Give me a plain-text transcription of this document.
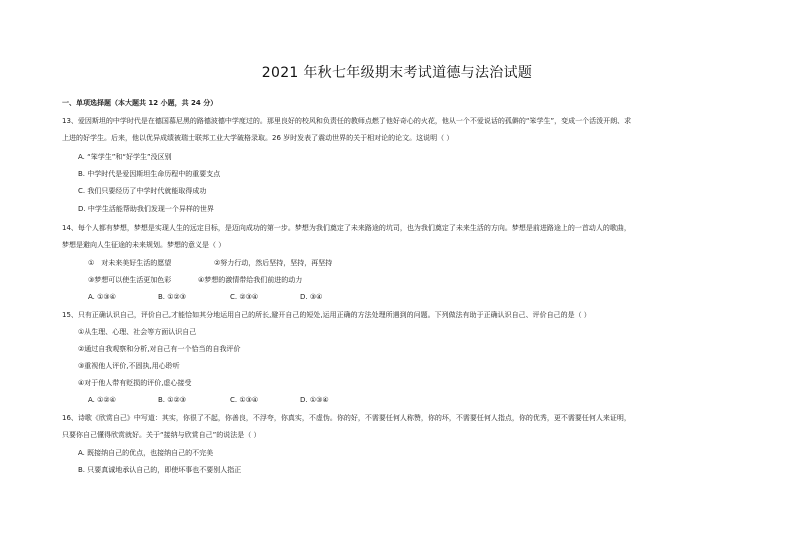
2021 年秋七年级期末考试道德与法治试题
一、单项选择题（本大题共 12 小题，共 24 分）
13、爱因斯坦的中学时代是在德国慕尼黑的路德波德中学度过的。那里良好的校风和负责任的教师点燃了他好奇心的火花，他从一个不爱说话的孤僻的“笨学生”，变成一个活泼开朗、求
上进的好学生。后来，他以优异成绩被瑞士联邦工业大学破格录取。26 岁时发表了震动世界的关于相对论的论文。这说明（ ）
A. “笨学生”和“好学生”没区别
B. 中学时代是爱因斯坦生命历程中的重要支点
C. 我们只要经历了中学时代就能取得成功
D. 中学生活能帮助我们发现一个异样的世界
14、每个人都有梦想，梦想是实现人生的远定目标，是迈向成功的第一步。梦想为我们奠定了未来路途的坑司，也为我们奠定了未来生活的方向。梦想是前进路途上的一首动人的歌曲，
梦想是避向人生征途的未来规划。梦想的意义是（ ）
①　对未来美好生活的愿望	②努力行动，然后坚持，坚持，再坚持
③梦想可以使生活更加色彩	④梦想的激情带给我们前进的动力
A. ①③④	B. ①②③	C. ②③④	D. ③④
15、只有正确认识自己，评价自己,才能恰如其分地运用自己的所长,避开自己的短处,运用正确的方法处理所遇到的问题。下列做法有助于正确认识自己、评价自己的是（ ）
①从生理、心理、社会等方面认识自己
②通过自我观察和分析,对自己有一个恰当的自我评价
③重视他人评价,不固执,用心聆听
④对于他人带有贬损的评价,虚心接受
A. ①②④	B. ①②③	C. ①③④	D. ①③④
16、诗歌《欣赏自己》中写道：其实，你很了不起，你善良，不浮夸，你真实，不虚伪。你的好，不需要任何人称赞，你的坏，不需要任何人指点，你的优秀，更不需要任何人来证明，
只要你自己懂得欣赏就好。关于“接纳与欣赏自己”的说法是（ ）
A. 既接纳自己的优点，也接纳自己的不完美
B. 只要真诚地承认自己的，即使坏事也不要别人指正
